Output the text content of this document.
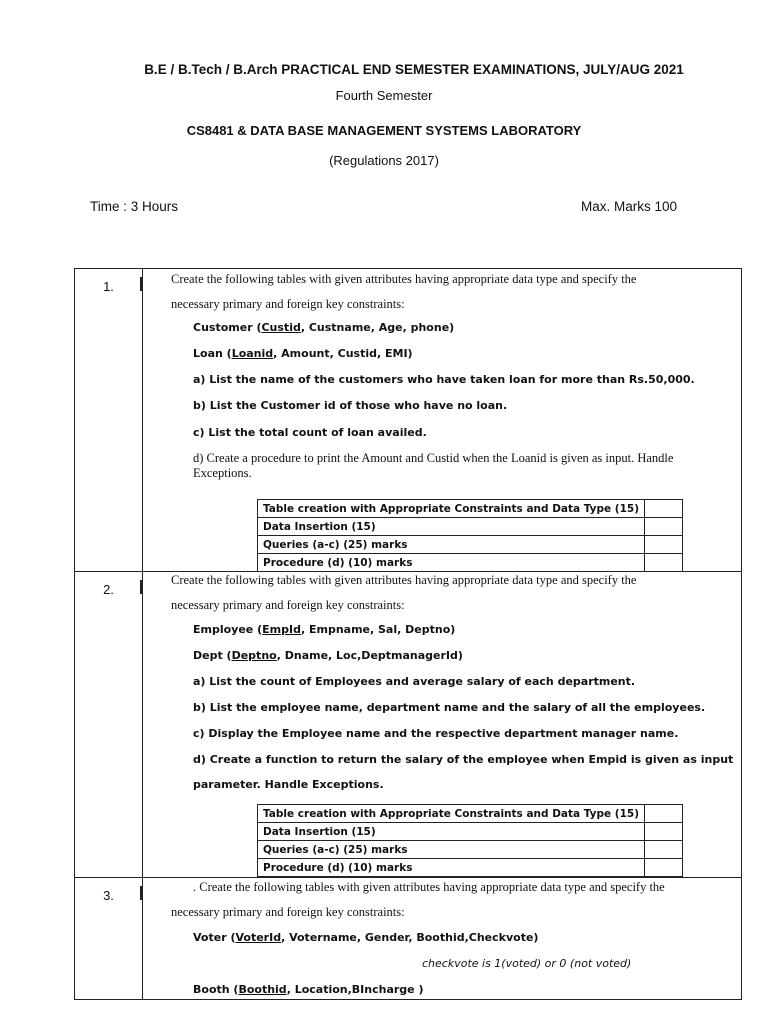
B.E / B.Tech / B.Arch PRACTICAL END SEMESTER EXAMINATIONS, JULY/AUG 2021
Fourth Semester
CS8481 & DATA BASE MANAGEMENT SYSTEMS LABORATORY
(Regulations 2017)
Time : 3 Hours	Max. Marks 100
1.	Create the following tables with given attributes having appropriate data type and specify the
necessary primary and foreign key constraints:
Customer (Custid, Custname, Age, phone)
Loan (Loanid, Amount, Custid, EMI)
a) List the name of the customers who have taken loan for more than Rs.50,000.
b) List the Customer id of those who have no loan.
c) List the total count of loan availed.
d) Create a procedure to print the Amount and Custid when the Loanid is given as input. Handle
Exceptions.
Table creation with Appropriate Constraints and Data Type (15)	
Data Insertion (15)	
Queries (a-c) (25) marks	
Procedure (d) (10) marks	
2.
Create the following tables with given attributes having appropriate data type and specify the
necessary primary and foreign key constraints:
Employee (EmpId, Empname, Sal, Deptno)
Dept (Deptno, Dname, Loc,DeptmanagerId)
a) List the count of Employees and average salary of each department.
b) List the employee name, department name and the salary of all the employees.
c) Display the Employee name and the respective department manager name.
d) Create a function to return the salary of the employee when Empid is given as input
parameter. Handle Exceptions.
Table creation with Appropriate Constraints and Data Type (15)	
Data Insertion (15)	
Queries (a-c) (25) marks	
Procedure (d) (10) marks	
3.
. Create the following tables with given attributes having appropriate data type and specify the
necessary primary and foreign key constraints:
Voter (VoterId, Votername, Gender, Boothid,Checkvote)
checkvote is 1(voted) or 0 (not voted)
Booth (Boothid, Location,BIncharge )
